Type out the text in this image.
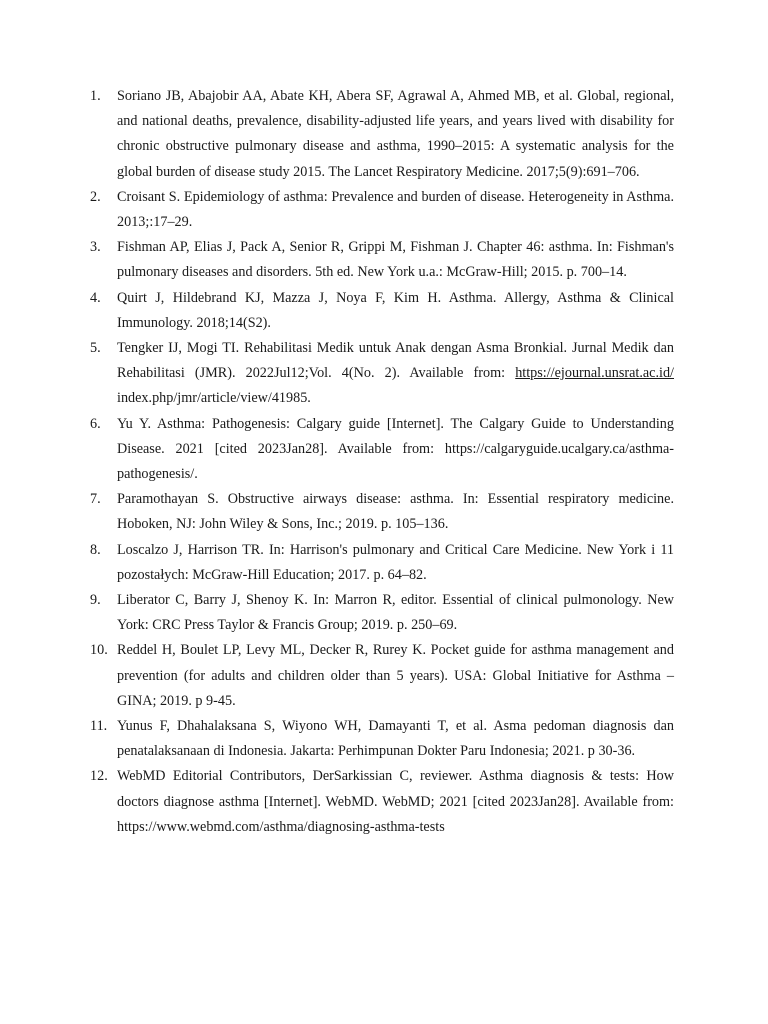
1.	Soriano JB, Abajobir AA, Abate KH, Abera SF, Agrawal A, Ahmed MB, et al. Global, regional, and national deaths, prevalence, disability-adjusted life years, and years lived with disability for chronic obstructive pulmonary disease and asthma, 1990–2015: A systematic analysis for the global burden of disease study 2015. The Lancet Respiratory Medicine. 2017;5(9):691–706.
2.	Croisant S. Epidemiology of asthma: Prevalence and burden of disease. Heterogeneity in Asthma. 2013;:17–29.
3.	Fishman AP, Elias J, Pack A, Senior R, Grippi M, Fishman J. Chapter 46: asthma. In: Fishman's pulmonary diseases and disorders. 5th ed. New York u.a.: McGraw-Hill; 2015. p. 700–14.
4.	Quirt J, Hildebrand KJ, Mazza J, Noya F, Kim H. Asthma. Allergy, Asthma & Clinical Immunology. 2018;14(S2).
5.	Tengker IJ, Mogi TI. Rehabilitasi Medik untuk Anak dengan Asma Bronkial. Jurnal Medik dan Rehabilitasi (JMR). 2022Jul12;Vol. 4(No. 2). Available from: https://ejournal.unsrat.ac.id/ index.php/jmr/article/view/41985.
6.	Yu Y. Asthma: Pathogenesis: Calgary guide [Internet]. The Calgary Guide to Understanding Disease. 2021 [cited 2023Jan28]. Available from: https://calgaryguide.ucalgary.ca/asthma-pathogenesis/.
7.	Paramothayan S. Obstructive airways disease: asthma. In: Essential respiratory medicine. Hoboken, NJ: John Wiley & Sons, Inc.; 2019. p. 105–136.
8.	Loscalzo J, Harrison TR. In: Harrison's pulmonary and Critical Care Medicine. New York i 11 pozostałych: McGraw-Hill Education; 2017. p. 64–82.
9.	Liberator C, Barry J, Shenoy K. In: Marron R, editor. Essential of clinical pulmonology. New York: CRC Press Taylor & Francis Group; 2019. p. 250–69.
10. Reddel H, Boulet LP, Levy ML, Decker R, Rurey K. Pocket guide for asthma management and prevention (for adults and children older than 5 years). USA: Global Initiative for Asthma – GINA; 2019. p 9-45.
11. Yunus F, Dhahalaksana S, Wiyono WH, Damayanti T, et al. Asma pedoman diagnosis dan penatalaksanaan di Indonesia. Jakarta: Perhimpunan Dokter Paru Indonesia; 2021. p 30-36.
12. WebMD Editorial Contributors, DerSarkissian C, reviewer. Asthma diagnosis & tests: How doctors diagnose asthma [Internet]. WebMD. WebMD; 2021 [cited 2023Jan28]. Available from: https://www.webmd.com/asthma/diagnosing-asthma-tests
